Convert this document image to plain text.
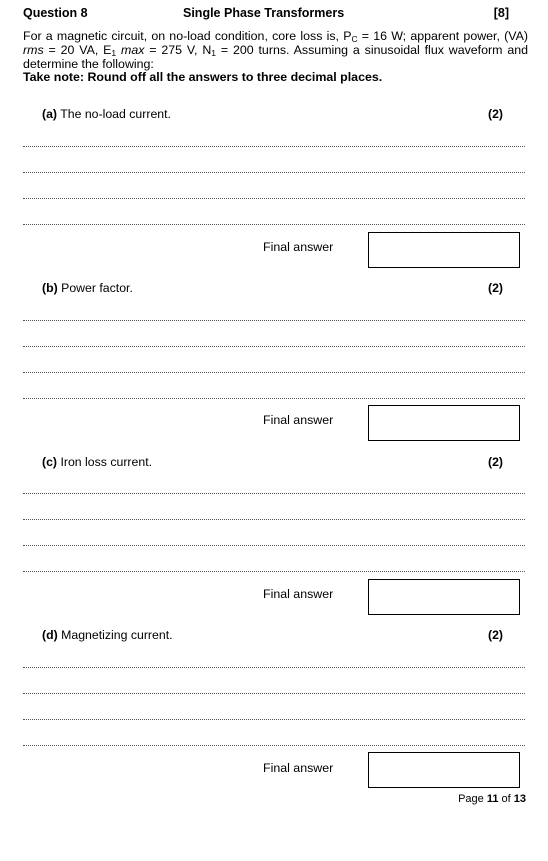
Question 8	Single Phase Transformers	[8]

For a magnetic circuit, on no-load condition, core loss is, $P_C = 16$ W; apparent power, (VA) rms = 20 VA, $E_1$ max = 275 V, $N_1 = 200$ turns. Assuming a sinusoidal flux waveform and determine the following:

Take note: Round off all the answers to three decimal places.

(a) The no-load current.	(2)
Final answer
(b) Power factor.	(2)
Final answer
(c) Iron loss current.	(2)
Final answer
(d) Magnetizing current.	(2)
Final answer
Page 11 of 13
